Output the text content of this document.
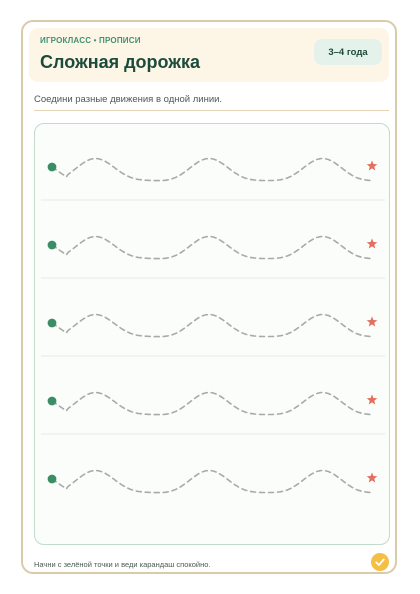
ИГРОКЛАСС • ПРОПИСИ
Сложная дорожка	3–4 года
Соедини разные движения в одной линии.
Начни с зелёной точки и веди карандаш спокойно.
